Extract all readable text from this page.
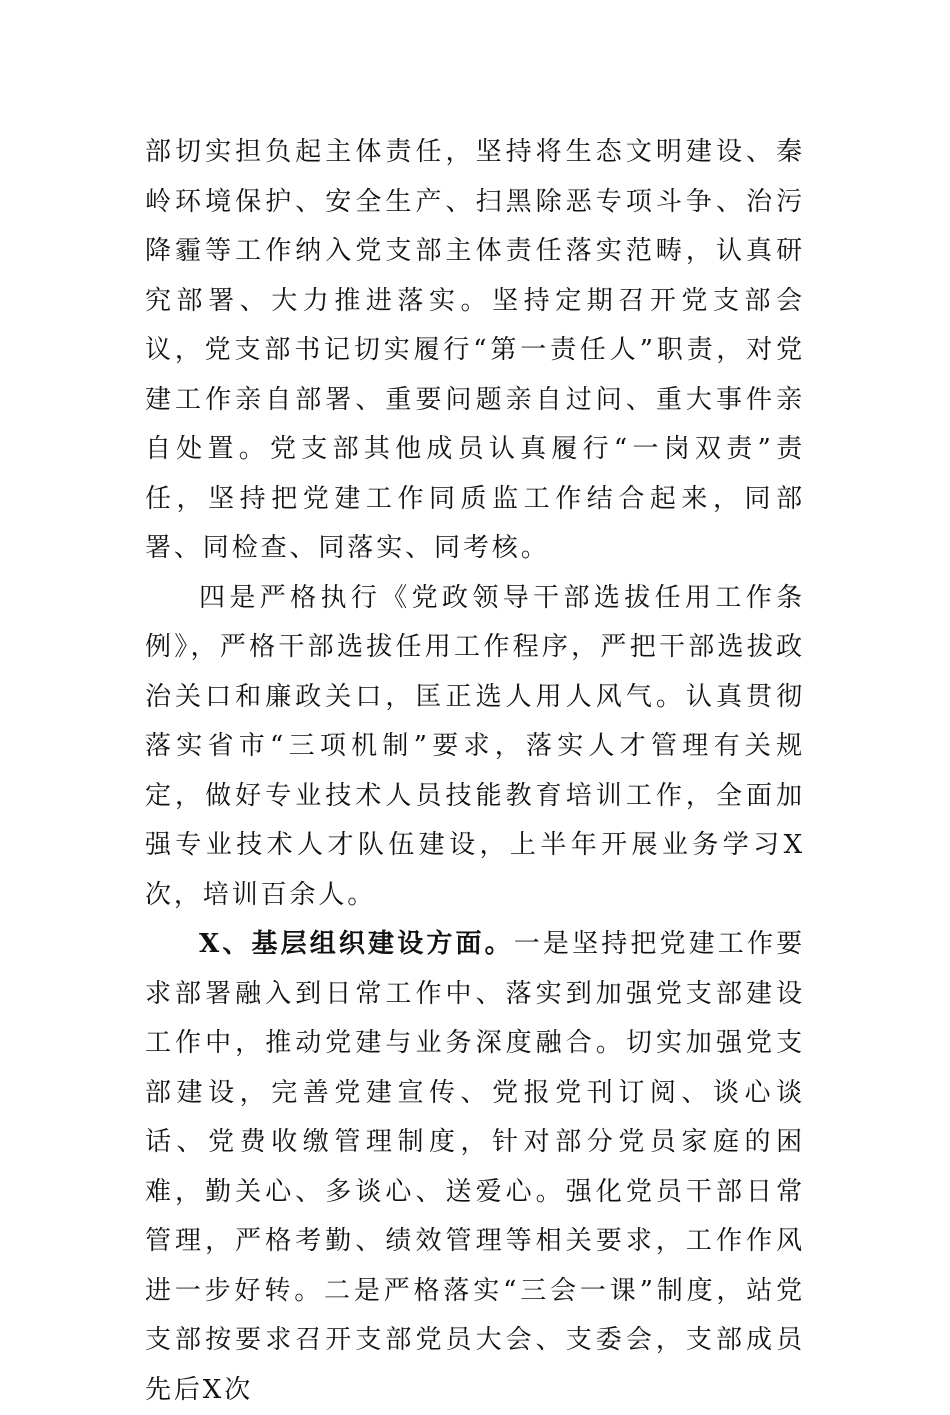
部切实担负起主体责任，坚持将生态文明建设、秦岭环境保护、安全生产、扫黑除恶专项斗争、治污降霾等工作纳入党支部主体责任落实范畴，认真研究部署、大力推进落实。坚持定期召开党支部会议，党支部书记切实履行“第一责任人”职责，对党建工作亲自部署、重要问题亲自过问、重大事件亲自处置。党支部其他成员认真履行“一岗双责”责任，坚持把党建工作同质监工作结合起来，同部署、同检查、同落实、同考核。

四是严格执行《党政领导干部选拔任用工作条例》，严格干部选拔任用工作程序，严把干部选拔政治关口和廉政关口，匡正选人用人风气。认真贯彻落实省市“三项机制”要求，落实人才管理有关规定，做好专业技术人员技能教育培训工作，全面加强专业技术人才队伍建设，上半年开展业务学习X次，培训百余人。

X、基层组织建设方面。一是坚持把党建工作要求部署融入到日常工作中、落实到加强党支部建设工作中，推动党建与业务深度融合。切实加强党支部建设，完善党建宣传、党报党刊订阅、谈心谈话、党费收缴管理制度，针对部分党员家庭的困难，勤关心、多谈心、送爱心。强化党员干部日常管理，严格考勤、绩效管理等相关要求，工作作风进一步好转。二是严格落实“三会一课”制度，站党支部按要求召开支部党员大会、支委会，支部成员先后X次
